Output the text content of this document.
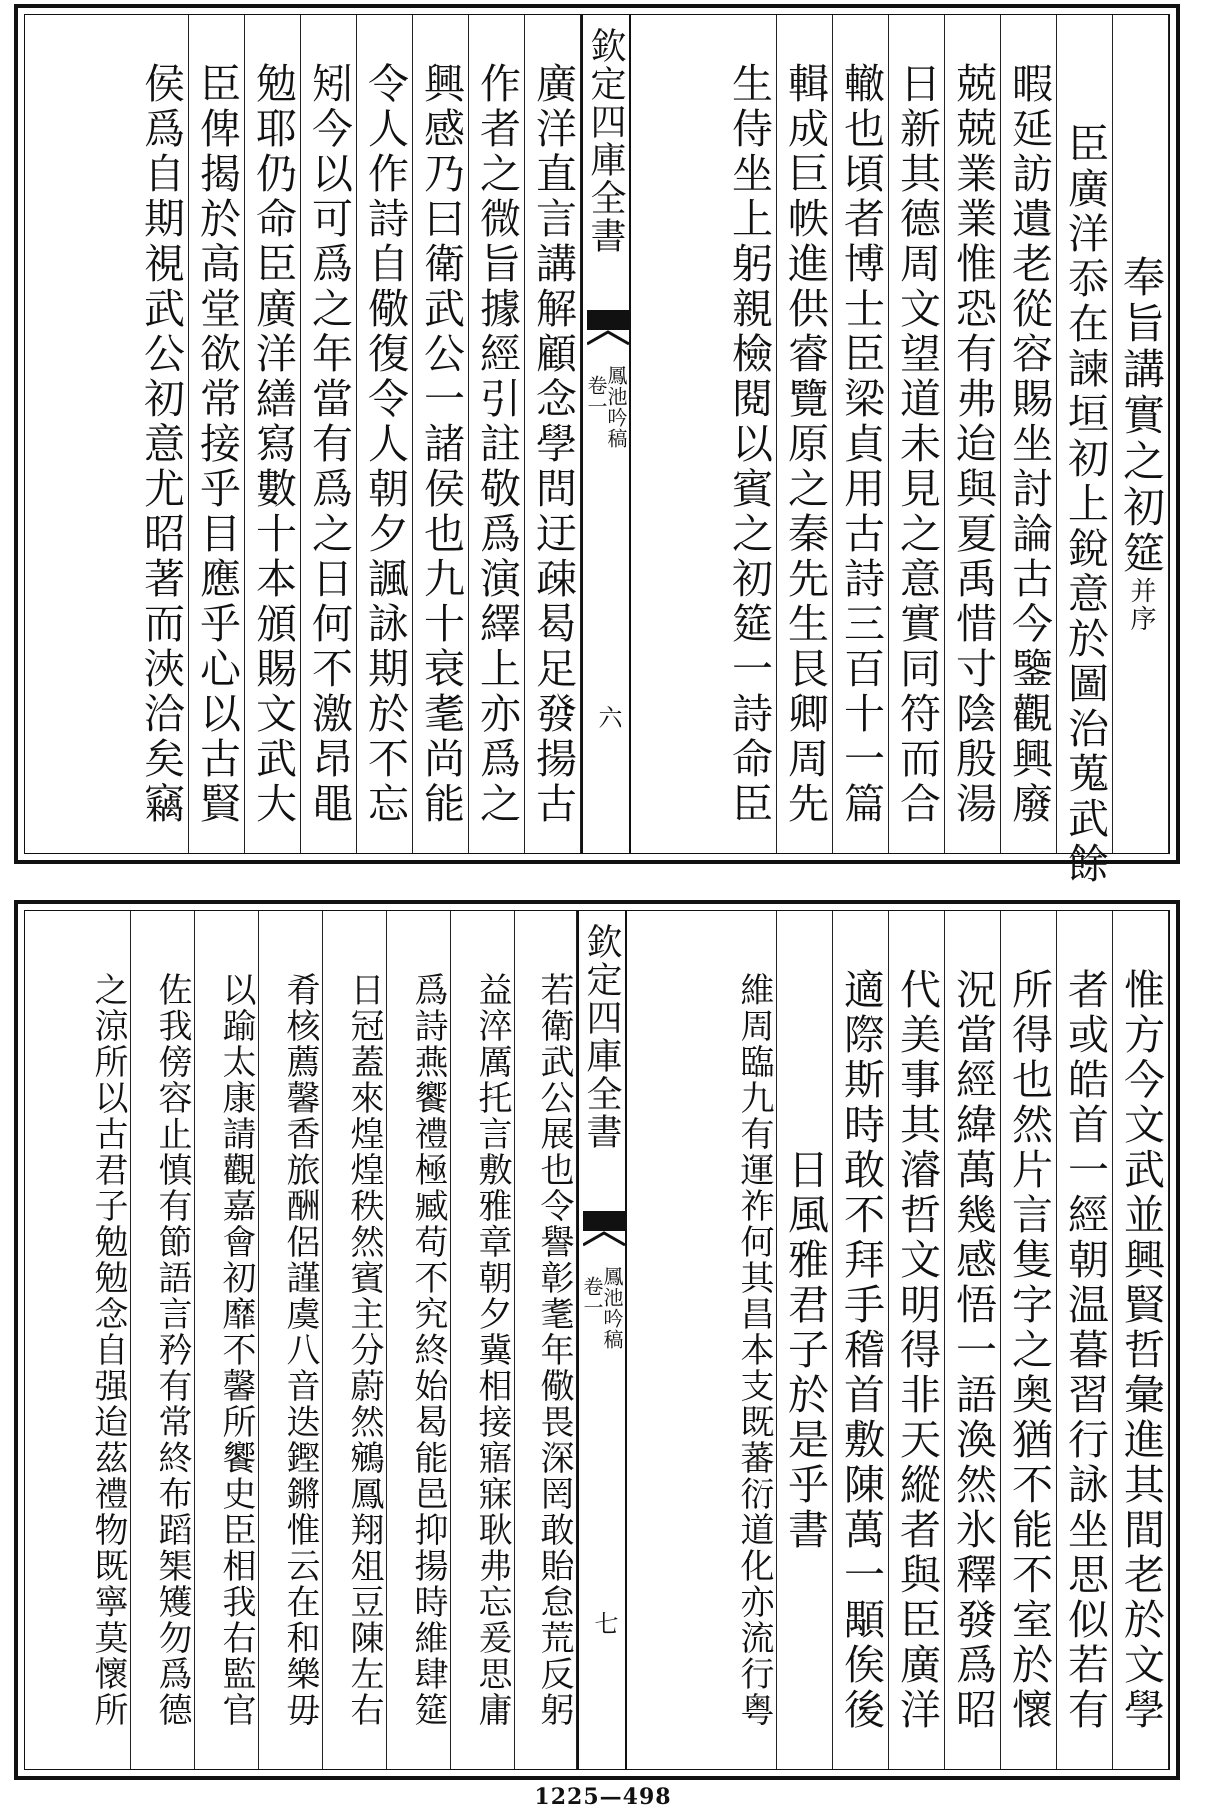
奉旨講實之初筵
并序
臣廣洋忝在諫垣初上銳意於圖治蒐武餘
暇延訪遺老從容賜坐討論古今鑒觀興廢
兢兢業業惟恐有弗迨與夏禹惜寸陰殷湯
日新其德周文望道未見之意實同符而合
轍也頃者博士臣梁貞用古詩三百十一篇
輯成巨帙進供睿覽原之秦先生艮卿周先
生侍坐上躬親檢閱以賓之初筵一詩命臣
欽定四庫全書
鳳池吟稿
卷一
六
廣洋直言講解顧念學問迂疎曷足發揚古
作者之微旨據經引註敬爲演繹上亦爲之
興感乃曰衛武公一諸侯也九十衰耄尚能
令人作詩自儆復令人朝夕諷詠期於不忘
矧今以可爲之年當有爲之日何不激昂黽
勉耶仍命臣廣洋繕寫數十本頒賜文武大
臣俾揭於高堂欲常接乎目應乎心以古賢
侯爲自期視武公初意尤昭著而浹洽矣竊
惟方今文武並興賢哲彙進其間老於文學
者或皓首一經朝温暮習行詠坐思似若有
所得也然片言隻字之奥猶不能不室於懷
況當經緯萬幾感悟一語渙然氷釋發爲昭
代美事其濬哲文明得非天縱者與臣廣洋
適際斯時敢不拜手稽首敷陳萬一顒俟後
日風雅君子於是乎書
維周臨九有運祚何其昌本支既蕃衍道化亦流行粤
欽定四庫全書
鳳池吟稿
卷一
七
若衛武公展也令譽彰耄年儆畏深罔敢貽怠荒反躬
益淬厲托言敷雅章朝夕冀相接寤寐耿弗忘爰思庸
爲詩燕饗禮極臧苟不究終始曷能邑抑揚時維肆筵
日冠蓋來煌煌秩然賓主分蔚然鵷鳳翔俎豆陳左右
肴核薦馨香旅酬侶謹虞八音迭鏗鏘惟云在和樂毋
以踰太康請觀嘉會初靡不馨所饗史臣相我右監官
佐我傍容止慎有節語言矜有常終布蹈榘矱勿爲德
之涼所以古君子勉勉念自强迨茲禮物既寧莫懷所
1225—498
